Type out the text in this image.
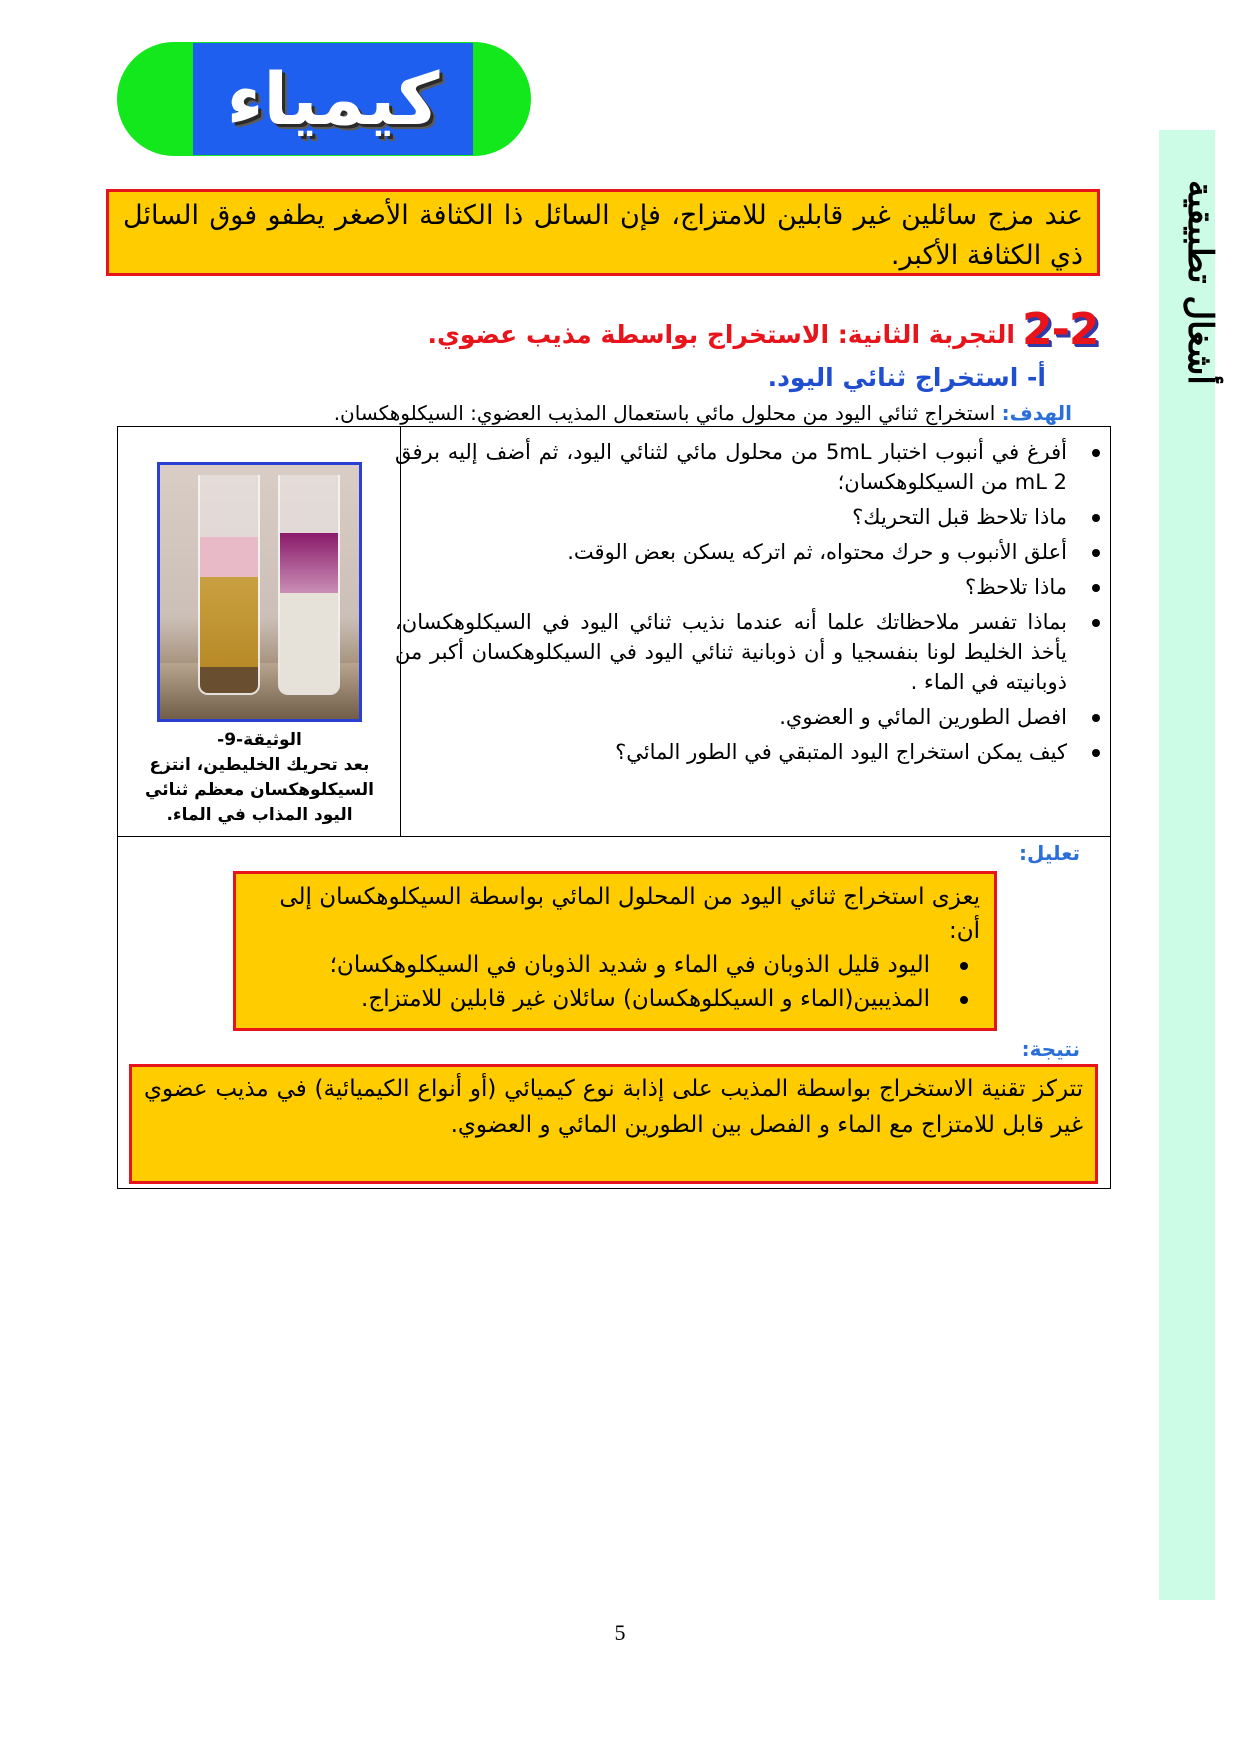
كيمياء
أشغال تطبيقية
عند مزج سائلين غير قابلين للامتزاج، فإن السائل ذا الكثافة الأصغر يطفو فوق السائل ذي الكثافة الأكبر.
2-2
التجربة الثانية: الاستخراج بواسطة مذيب عضوي.
أ- استخراج ثنائي اليود.
الهدف: استخراج ثنائي اليود من محلول مائي باستعمال المذيب العضوي: السيكلوهكسان.
أفرغ في أنبوب اختبار 5mL من محلول مائي لثنائي اليود، ثم أضف إليه برفق 2 mL من السيكلوهكسان؛
ماذا تلاحظ قبل التحريك؟
أعلق الأنبوب و حرك محتواه، ثم اتركه يسكن بعض الوقت.
ماذا تلاحظ؟
بماذا تفسر ملاحظاتك علما أنه عندما نذيب ثنائي اليود في السيكلوهكسان، يأخذ الخليط لونا بنفسجيا و أن ذوبانية ثنائي اليود في السيكلوهكسان أكبر من ذوبانيته في الماء .
افصل الطورين المائي و العضوي.
كيف يمكن استخراج اليود المتبقي في الطور المائي؟
الوثيقة-9-
بعد تحريك الخليطين، انتزع السيكلوهكسان معظم ثنائي اليود المذاب في الماء.
تعليل:
يعزى استخراج ثنائي اليود من المحلول المائي بواسطة السيكلوهكسان إلى أن:
اليود قليل الذوبان في الماء و شديد الذوبان في السيكلوهكسان؛
المذيبين(الماء و السيكلوهكسان) سائلان غير قابلين للامتزاج.
نتيجة:
تتركز تقنية الاستخراج بواسطة المذيب على إذابة نوع كيميائي (أو أنواع الكيميائية) في مذيب عضوي غير قابل للامتزاج مع الماء و الفصل بين الطورين المائي و العضوي.
5
